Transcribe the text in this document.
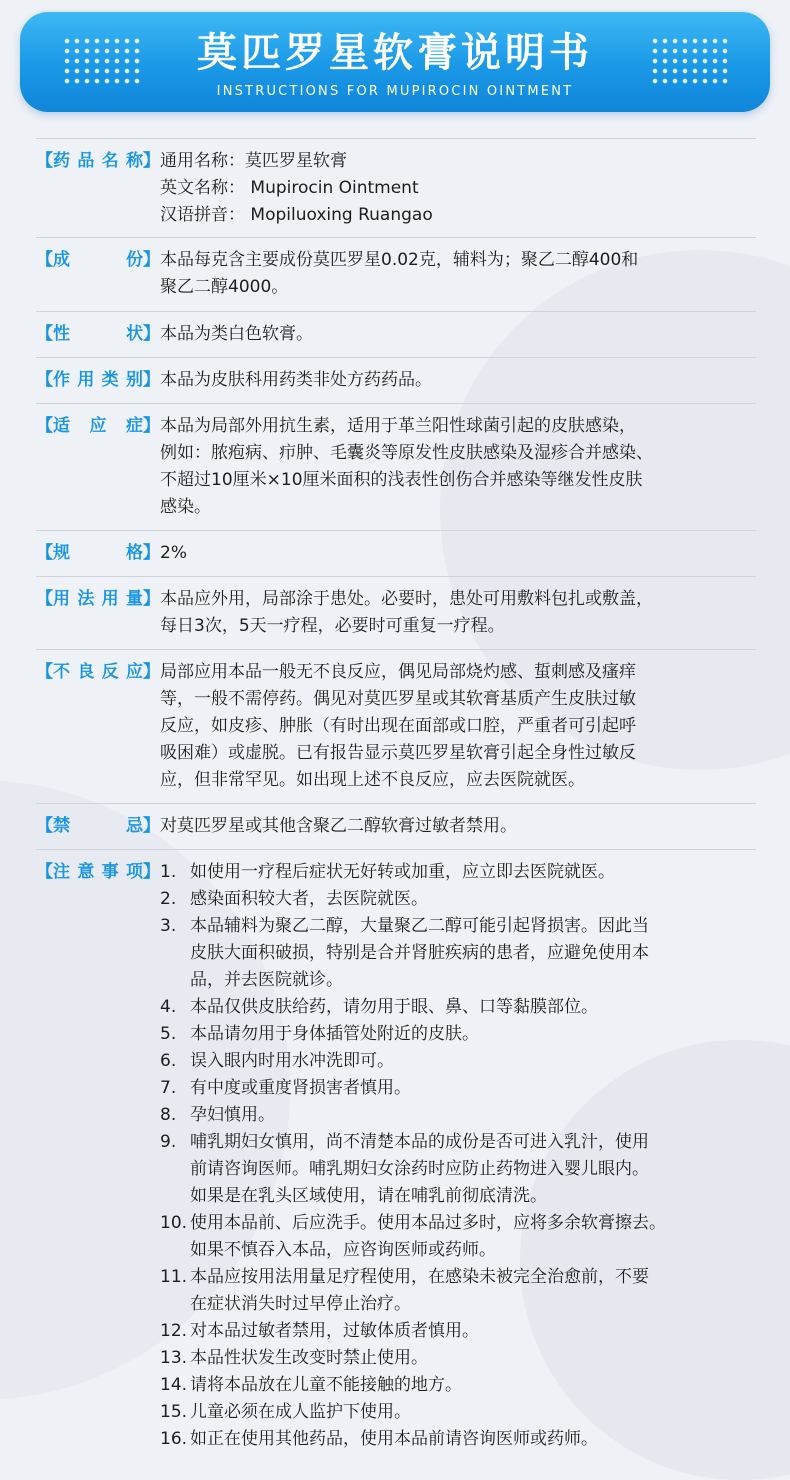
莫匹罗星软膏说明书
INSTRUCTIONS FOR MUPIROCIN OINTMENT
【 药 品 名 称 】 通用名称：莫匹罗星软膏
英文名称： Mupirocin Ointment
汉语拼音： Mopiluoxing Ruangao
【 成	份 】 本品每克含主要成份莫匹罗星0.02克，辅料为；聚乙二醇400和
聚乙二醇4000。
【 性	状 】 本品为类白色软膏。
【 作 用 类 别 】 本品为皮肤科用药类非处方药药品。
【 适 应 症 】 本品为局部外用抗生素，适用于革兰阳性球菌引起的皮肤感染，
例如：脓疱病、疖肿、毛囊炎等原发性皮肤感染及湿疹合并感染、
不超过10厘米×10厘米面积的浅表性创伤合并感染等继发性皮肤
感染。
【 规	格 】 2%
【 用 法 用 量 】 本品应外用，局部涂于患处。必要时，患处可用敷料包扎或敷盖，
每日3次，5天一疗程，必要时可重复一疗程。
【 不 良 反 应 】 局部应用本品一般无不良反应，偶见局部烧灼感、蜇刺感及瘙痒
等，一般不需停药。偶见对莫匹罗星或其软膏基质产生皮肤过敏
反应，如皮疹、肿胀（有时出现在面部或口腔，严重者可引起呼
吸困难）或虚脱。已有报告显示莫匹罗星软膏引起全身性过敏反
应，但非常罕见。如出现上述不良反应，应去医院就医。
【 禁	忌 】 对莫匹罗星或其他含聚乙二醇软膏过敏者禁用。
【 注 意 事 项 】 1. 如使用一疗程后症状无好转或加重，应立即去医院就医。
2. 感染面积较大者，去医院就医。
3. 本品辅料为聚乙二醇，大量聚乙二醇可能引起肾损害。因此当
皮肤大面积破损，特别是合并肾脏疾病的患者，应避免使用本
品，并去医院就诊。
4. 本品仅供皮肤给药，请勿用于眼、鼻、口等黏膜部位。
5. 本品请勿用于身体插管处附近的皮肤。
6. 误入眼内时用水冲洗即可。
7. 有中度或重度肾损害者慎用。
8. 孕妇慎用。
9. 哺乳期妇女慎用，尚不清楚本品的成份是否可进入乳汁，使用
前请咨询医师。哺乳期妇女涂药时应防止药物进入婴儿眼内。
如果是在乳头区域使用，请在哺乳前彻底清洗。
10. 使用本品前、后应洗手。使用本品过多时，应将多余软膏擦去。
如果不慎吞入本品，应咨询医师或药师。
11. 本品应按用法用量足疗程使用，在感染未被完全治愈前，不要
在症状消失时过早停止治疗。
12. 对本品过敏者禁用，过敏体质者慎用。
13. 本品性状发生改变时禁止使用。
14. 请将本品放在儿童不能接触的地方。
15. 儿童必须在成人监护下使用。
16. 如正在使用其他药品，使用本品前请咨询医师或药师。
